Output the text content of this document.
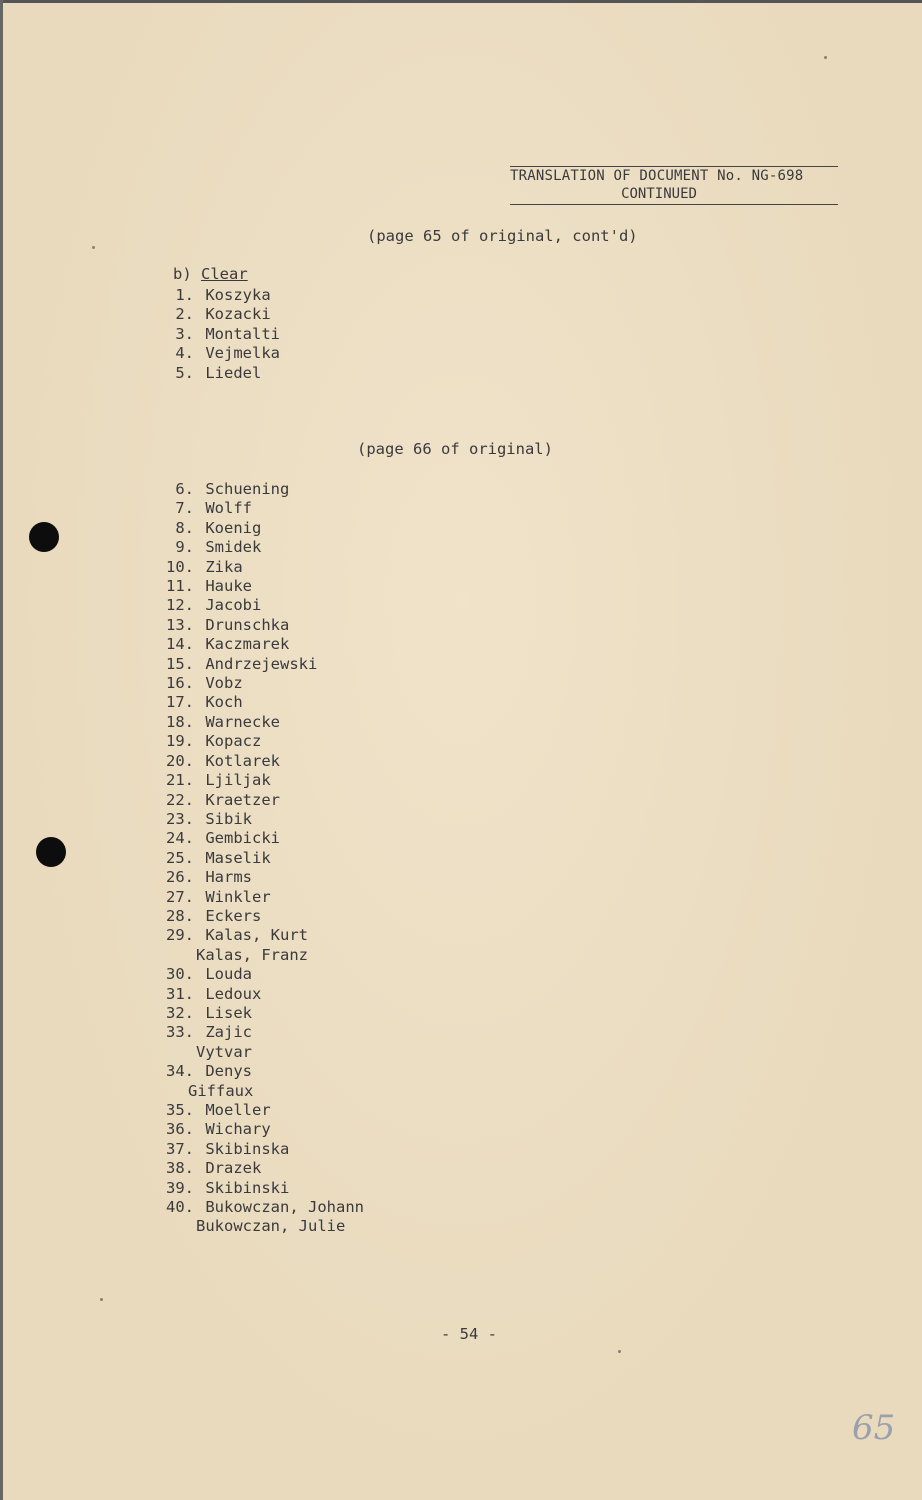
TRANSLATION OF DOCUMENT No. NG-698
CONTINUED
(page 65 of original, cont'd)
b) Clear
1.
Koszyka
2.
Kozacki
3.
Montalti
4.
Vejmelka
5.
Liedel
(page 66 of original)
6.
Schuening
7.
Wolff
8.
Koenig
9.
Smidek
10.
Zika
11.
Hauke
12.
Jacobi
13.
Drunschka
14.
Kaczmarek
15.
Andrzejewski
16.
Vobz
17.
Koch
18.
Warnecke
19.
Kopacz
20.
Kotlarek
21.
Ljiljak
22.
Kraetzer
23.
Sibik
24.
Gembicki
25.
Maselik
26.
Harms
27.
Winkler
28.
Eckers
29.
Kalas, Kurt
Kalas, Franz
30.
Louda
31.
Ledoux
32.
Lisek
33.
Zajic
Vytvar
34.
Denys
Giffaux
35.
Moeller
36.
Wichary
37.
Skibinska
38.
Drazek
39.
Skibinski
40.
Bukowczan, Johann
Bukowczan, Julie
- 54 -
65
